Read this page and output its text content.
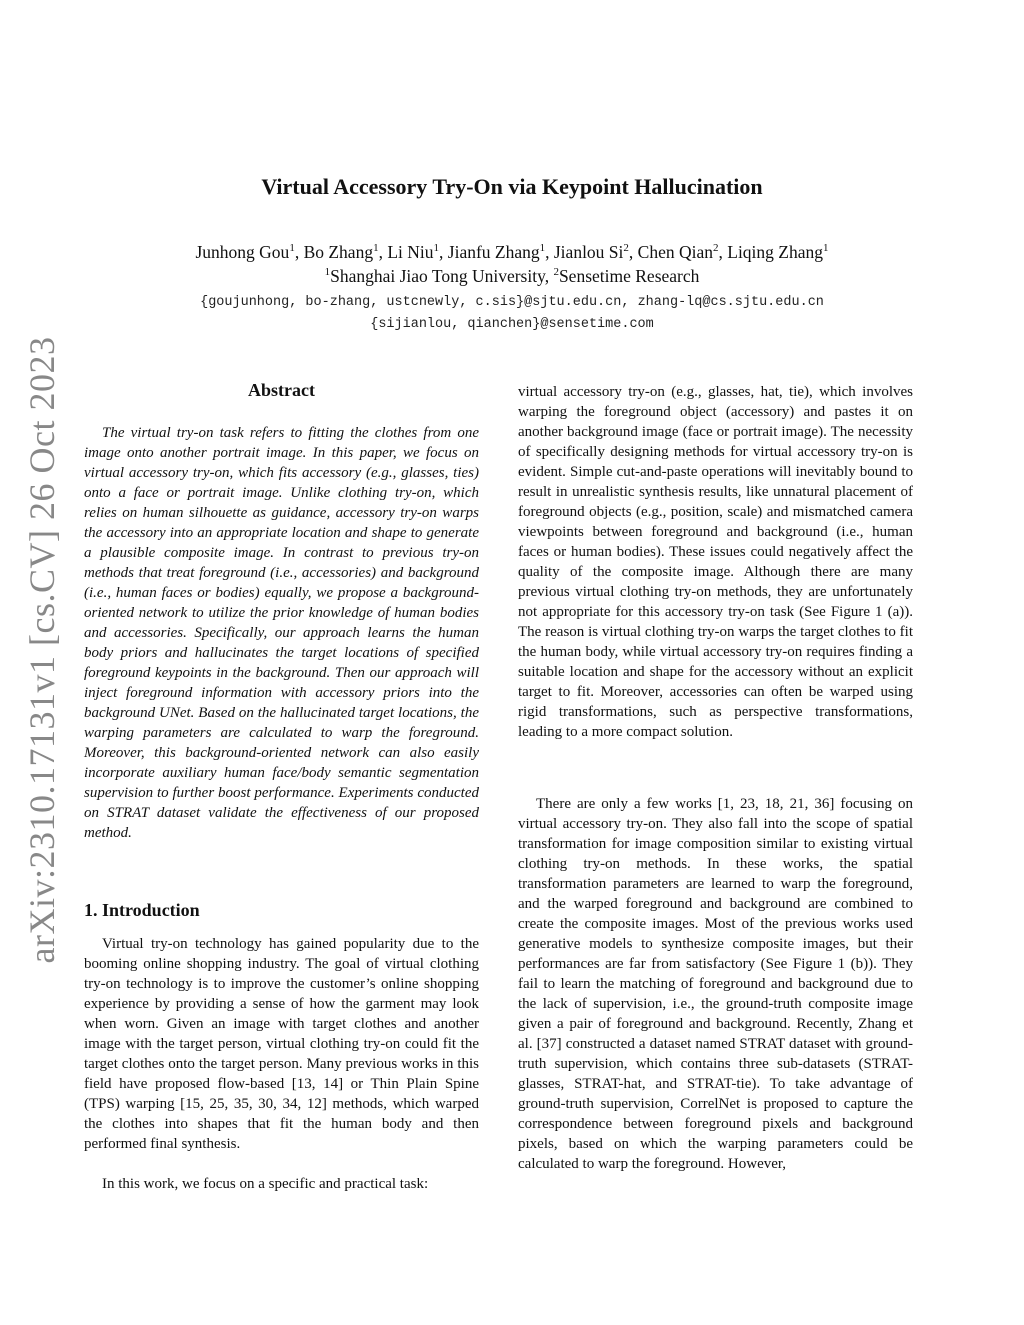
arXiv:2310.17131v1 [cs.CV] 26 Oct 2023
Virtual Accessory Try-On via Keypoint Hallucination
Junhong Gou$^1$, Bo Zhang$^1$, Li Niu$^1$, Jianfu Zhang$^1$, Jianlou Si$^2$, Chen Qian$^2$, Liqing Zhang$^1$
$^1$Shanghai Jiao Tong University, $^2$Sensetime Research
{goujunhong, bo-zhang, ustcnewly, c.sis}@sjtu.edu.cn, zhang-lq@cs.sjtu.edu.cn
{sijianlou, qianchen}@sensetime.com
Abstract

The virtual try-on task refers to fitting the clothes from one image onto another portrait image. In this paper, we focus on virtual accessory try-on, which fits accessory (e.g., glasses, ties) onto a face or portrait image. Unlike clothing try-on, which relies on human silhouette as guidance, accessory try-on warps the accessory into an appropriate location and shape to generate a plausible composite image. In contrast to previous try-on methods that treat foreground (i.e., accessories) and background (i.e., human faces or bodies) equally, we propose a background-oriented network to utilize the prior knowledge of human bodies and accessories. Specifically, our approach learns the human body priors and hallucinates the target locations of specified foreground keypoints in the background. Then our approach will inject foreground information with accessory priors into the background UNet. Based on the hallucinated target locations, the warping parameters are calculated to warp the foreground. Moreover, this background-oriented network can also easily incorporate auxiliary human face/body semantic segmentation supervision to further boost performance. Experiments conducted on STRAT dataset validate the effectiveness of our proposed method.

1. Introduction

Virtual try-on technology has gained popularity due to the booming online shopping industry. The goal of virtual clothing try-on technology is to improve the customer’s online shopping experience by providing a sense of how the garment may look when worn. Given an image with target clothes and another image with the target person, virtual clothing try-on could fit the target clothes onto the target person. Many previous works in this field have proposed flow-based [13, 14] or Thin Plain Spine (TPS) warping [15, 25, 35, 30, 34, 12] methods, which warped the clothes into shapes that fit the human body and then performed final synthesis.

In this work, we focus on a specific and practical task:

virtual accessory try-on (e.g., glasses, hat, tie), which involves warping the foreground object (accessory) and pastes it on another background image (face or portrait image). The necessity of specifically designing methods for virtual accessory try-on is evident. Simple cut-and-paste operations will inevitably bound to result in unrealistic synthesis results, like unnatural placement of foreground objects (e.g., position, scale) and mismatched camera viewpoints between foreground and background (i.e., human faces or human bodies). These issues could negatively affect the quality of the composite image. Although there are many previous virtual clothing try-on methods, they are unfortunately not appropriate for this accessory try-on task (See Figure 1 (a)). The reason is virtual clothing try-on warps the target clothes to fit the human body, while virtual accessory try-on requires finding a suitable location and shape for the accessory without an explicit target to fit. Moreover, accessories can often be warped using rigid transformations, such as perspective transformations, leading to a more compact solution.

There are only a few works [1, 23, 18, 21, 36] focusing on virtual accessory try-on. They also fall into the scope of spatial transformation for image composition similar to existing virtual clothing try-on methods. In these works, the spatial transformation parameters are learned to warp the foreground, and the warped foreground and background are combined to create the composite images. Most of the previous works used generative models to synthesize composite images, but their performances are far from satisfactory (See Figure 1 (b)). They fail to learn the matching of foreground and background due to the lack of supervision, i.e., the ground-truth composite image given a pair of foreground and background. Recently, Zhang et al. [37] constructed a dataset named STRAT dataset with ground-truth supervision, which contains three sub-datasets (STRAT-glasses, STRAT-hat, and STRAT-tie). To take advantage of ground-truth supervision, CorrelNet is proposed to capture the correspondence between foreground pixels and background pixels, based on which the warping parameters could be calculated to warp the foreground. However,
